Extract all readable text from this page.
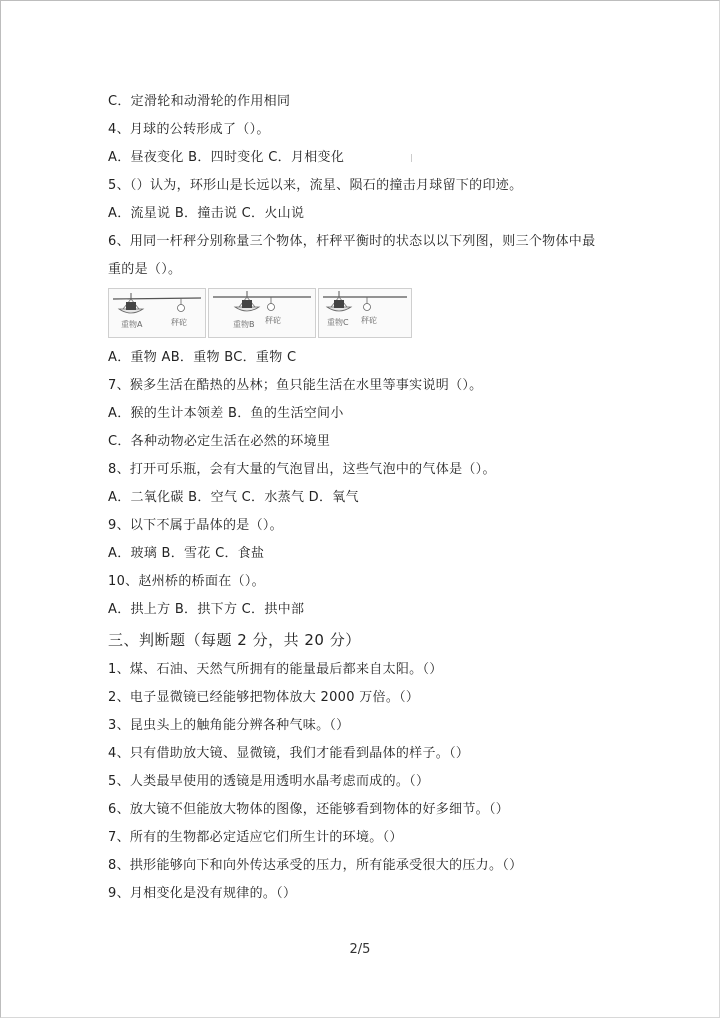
C．定滑轮和动滑轮的作用相同
4、月球的公转形成了（）。
A．昼夜变化 B．四时变化 C．月相变化
5、（）认为，环形山是长远以来，流星、陨石的撞击月球留下的印迹。
A．流星说 B．撞击说 C．火山说
6、用同一杆秤分别称量三个物体，杆秤平衡时的状态以以下列图，则三个物体中最
重的是（）。
重物A	秤砣	重物B 秤砣	重物C 秤砣
A．重物 AB．重物 BC．重物 C
7、猴多生活在酷热的丛林；鱼只能生活在水里等事实说明（）。
A．猴的生计本领差 B．鱼的生活空间小
C．各种动物必定生活在必然的环境里
8、打开可乐瓶，会有大量的气泡冒出，这些气泡中的气体是（）。
A．二氧化碳 B．空气 C．水蒸气 D．氧气
9、以下不属于晶体的是（）。
A．玻璃 B．雪花 C．食盐
10、赵州桥的桥面在（）。
A．拱上方 B．拱下方 C．拱中部
三、判断题（每题 2 分，共 20 分）
1、煤、石油、天然气所拥有的能量最后都来自太阳。（）
2、电子显微镜已经能够把物体放大 2000 万倍。（）
3、昆虫头上的触角能分辨各种气味。（）
4、只有借助放大镜、显微镜，我们才能看到晶体的样子。（）
5、人类最早使用的透镜是用透明水晶考虑而成的。（）
6、放大镜不但能放大物体的图像，还能够看到物体的好多细节。（）
7、所有的生物都必定适应它们所生计的环境。（）
8、拱形能够向下和向外传达承受的压力，所有能承受很大的压力。（）
9、月相变化是没有规律的。（）
2/5
